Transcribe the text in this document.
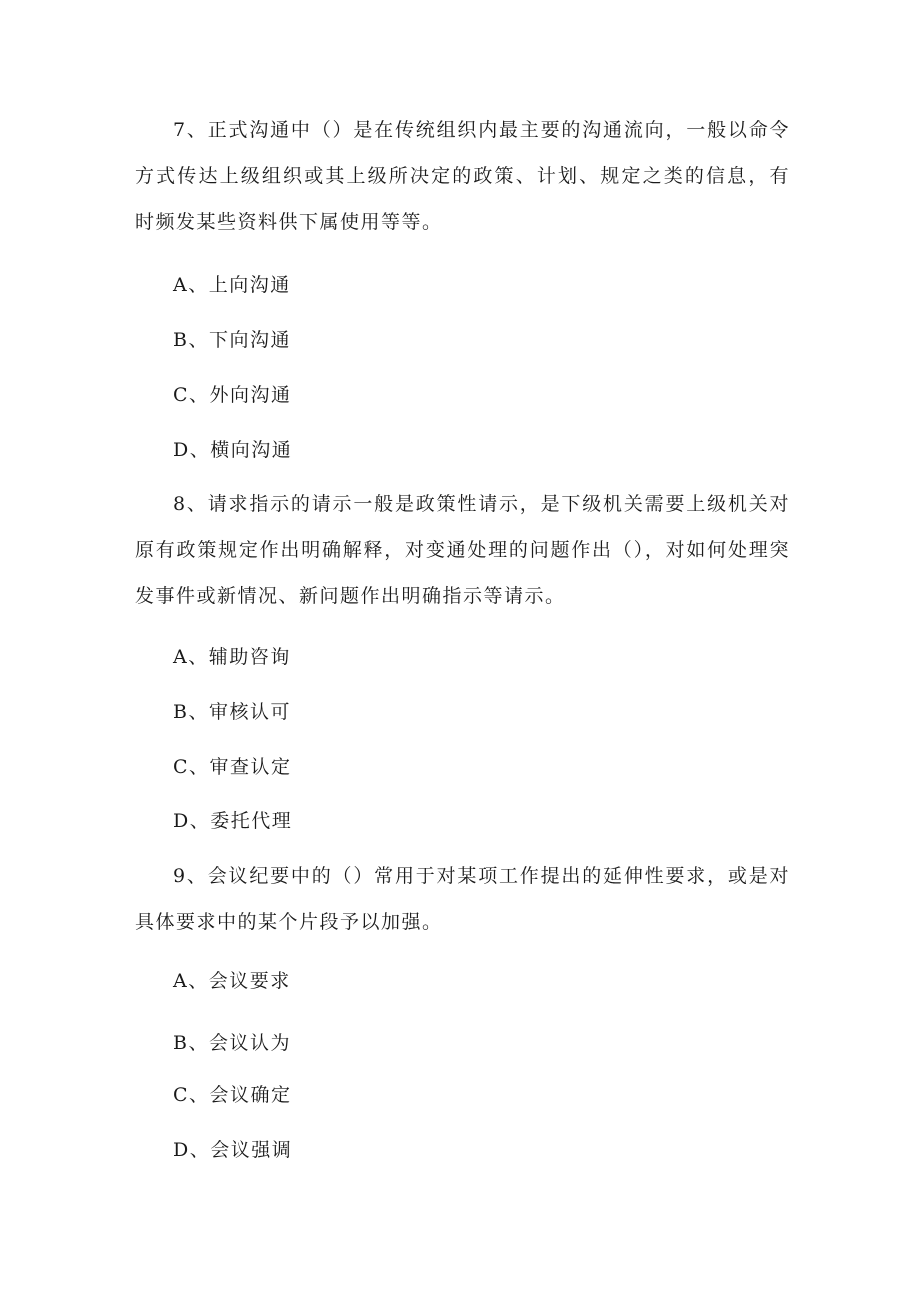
7、正式沟通中（）是在传统组织内最主要的沟通流向，一般以命令方式传达上级组织或其上级所决定的政策、计划、规定之类的信息，有时频发某些资料供下属使用等等。

A、上向沟通

B、下向沟通

C、外向沟通

D、横向沟通

8、请求指示的请示一般是政策性请示，是下级机关需要上级机关对原有政策规定作出明确解释，对变通处理的问题作出（），对如何处理突发事件或新情况、新问题作出明确指示等请示。

A、辅助咨询

B、审核认可

C、审查认定

D、委托代理

9、会议纪要中的（）常用于对某项工作提出的延伸性要求，或是对具体要求中的某个片段予以加强。

A、会议要求

B、会议认为

C、会议确定

D、会议强调
